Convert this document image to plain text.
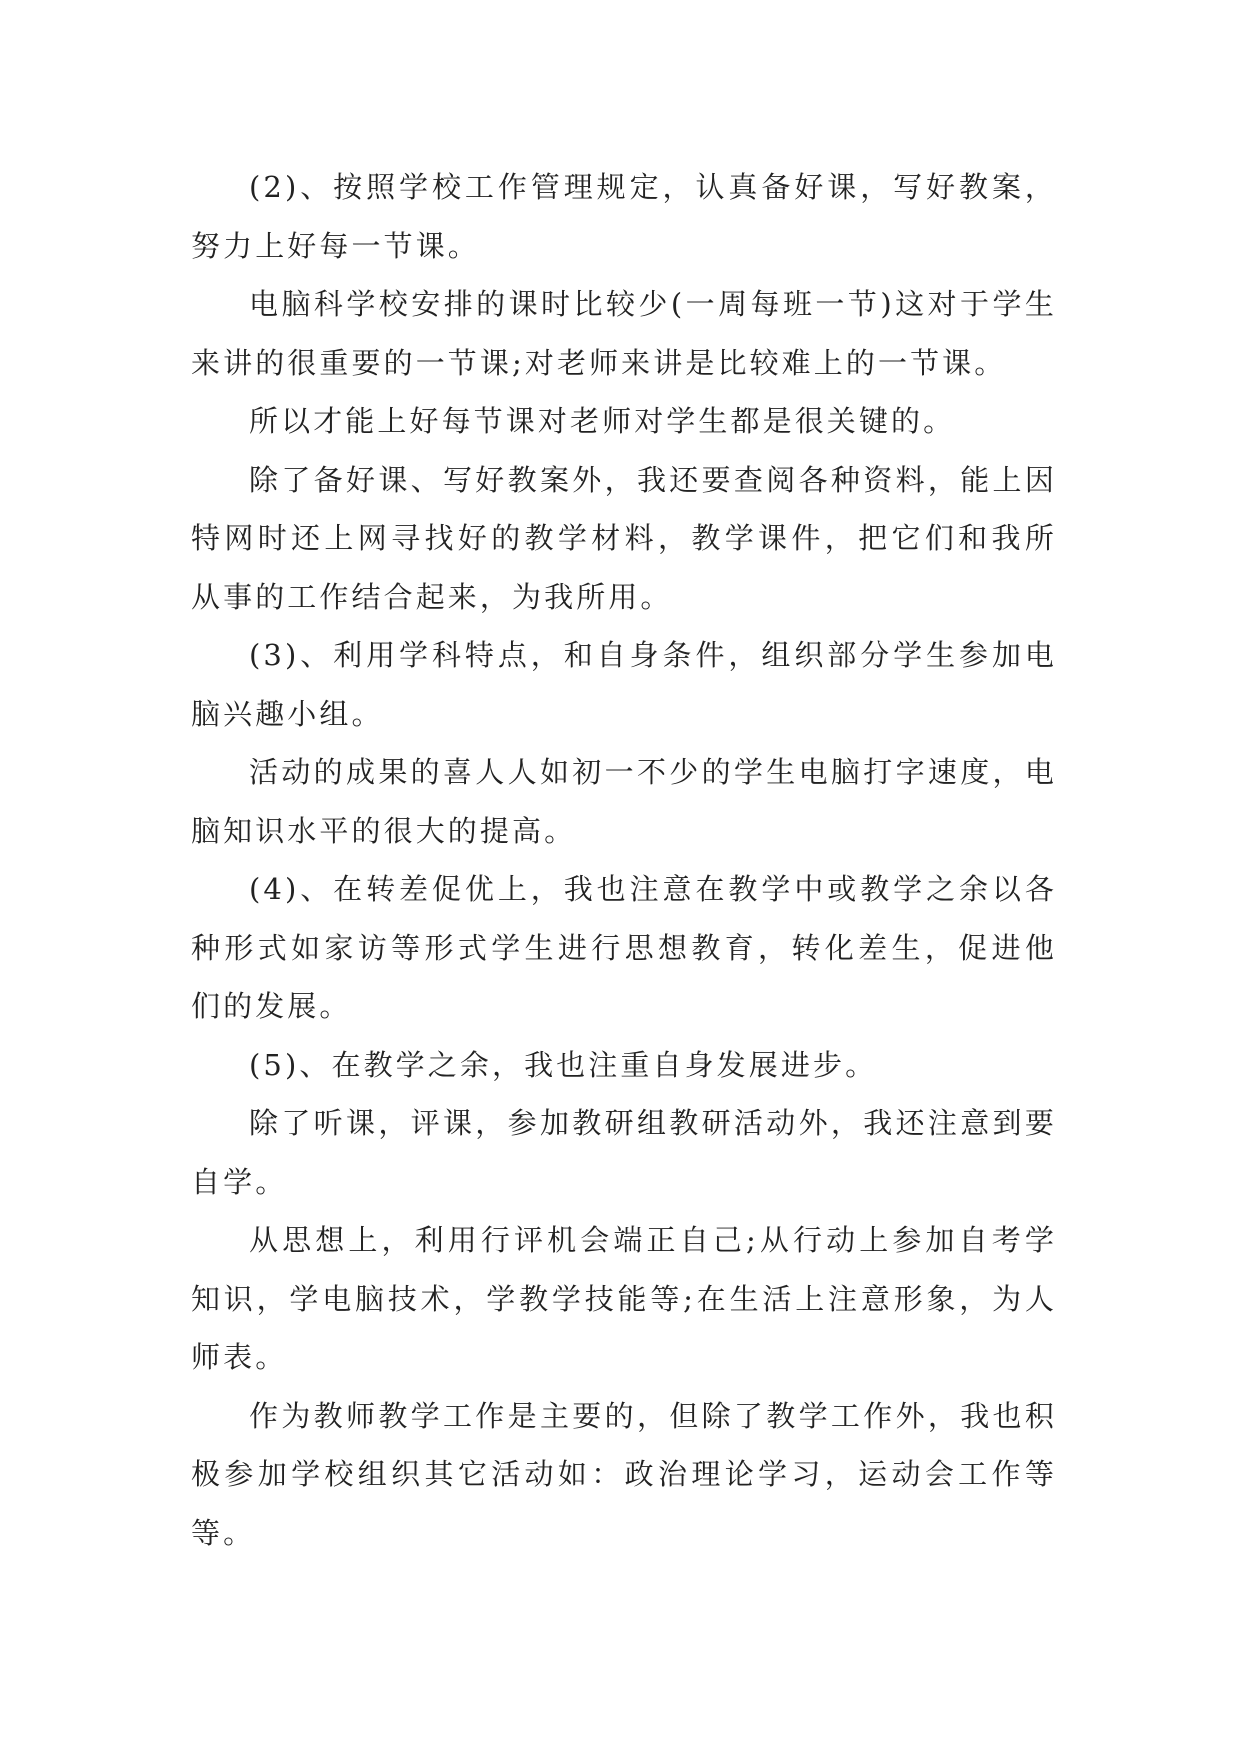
(2)、按照学校工作管理规定，认真备好课，写好教案，努力上好每一节课。

电脑科学校安排的课时比较少(一周每班一节)这对于学生来讲的很重要的一节课;对老师来讲是比较难上的一节课。

所以才能上好每节课对老师对学生都是很关键的。

除了备好课、写好教案外，我还要查阅各种资料，能上因特网时还上网寻找好的教学材料，教学课件，把它们和我所从事的工作结合起来，为我所用。

(3)、利用学科特点，和自身条件，组织部分学生参加电脑兴趣小组。

活动的成果的喜人人如初一不少的学生电脑打字速度，电脑知识水平的很大的提高。

(4)、在转差促优上，我也注意在教学中或教学之余以各种形式如家访等形式学生进行思想教育，转化差生，促进他们的发展。

(5)、在教学之余，我也注重自身发展进步。

除了听课，评课，参加教研组教研活动外，我还注意到要自学。

从思想上，利用行评机会端正自己;从行动上参加自考学知识，学电脑技术，学教学技能等;在生活上注意形象，为人师表。

作为教师教学工作是主要的，但除了教学工作外，我也积极参加学校组织其它活动如：政治理论学习，运动会工作等等。
